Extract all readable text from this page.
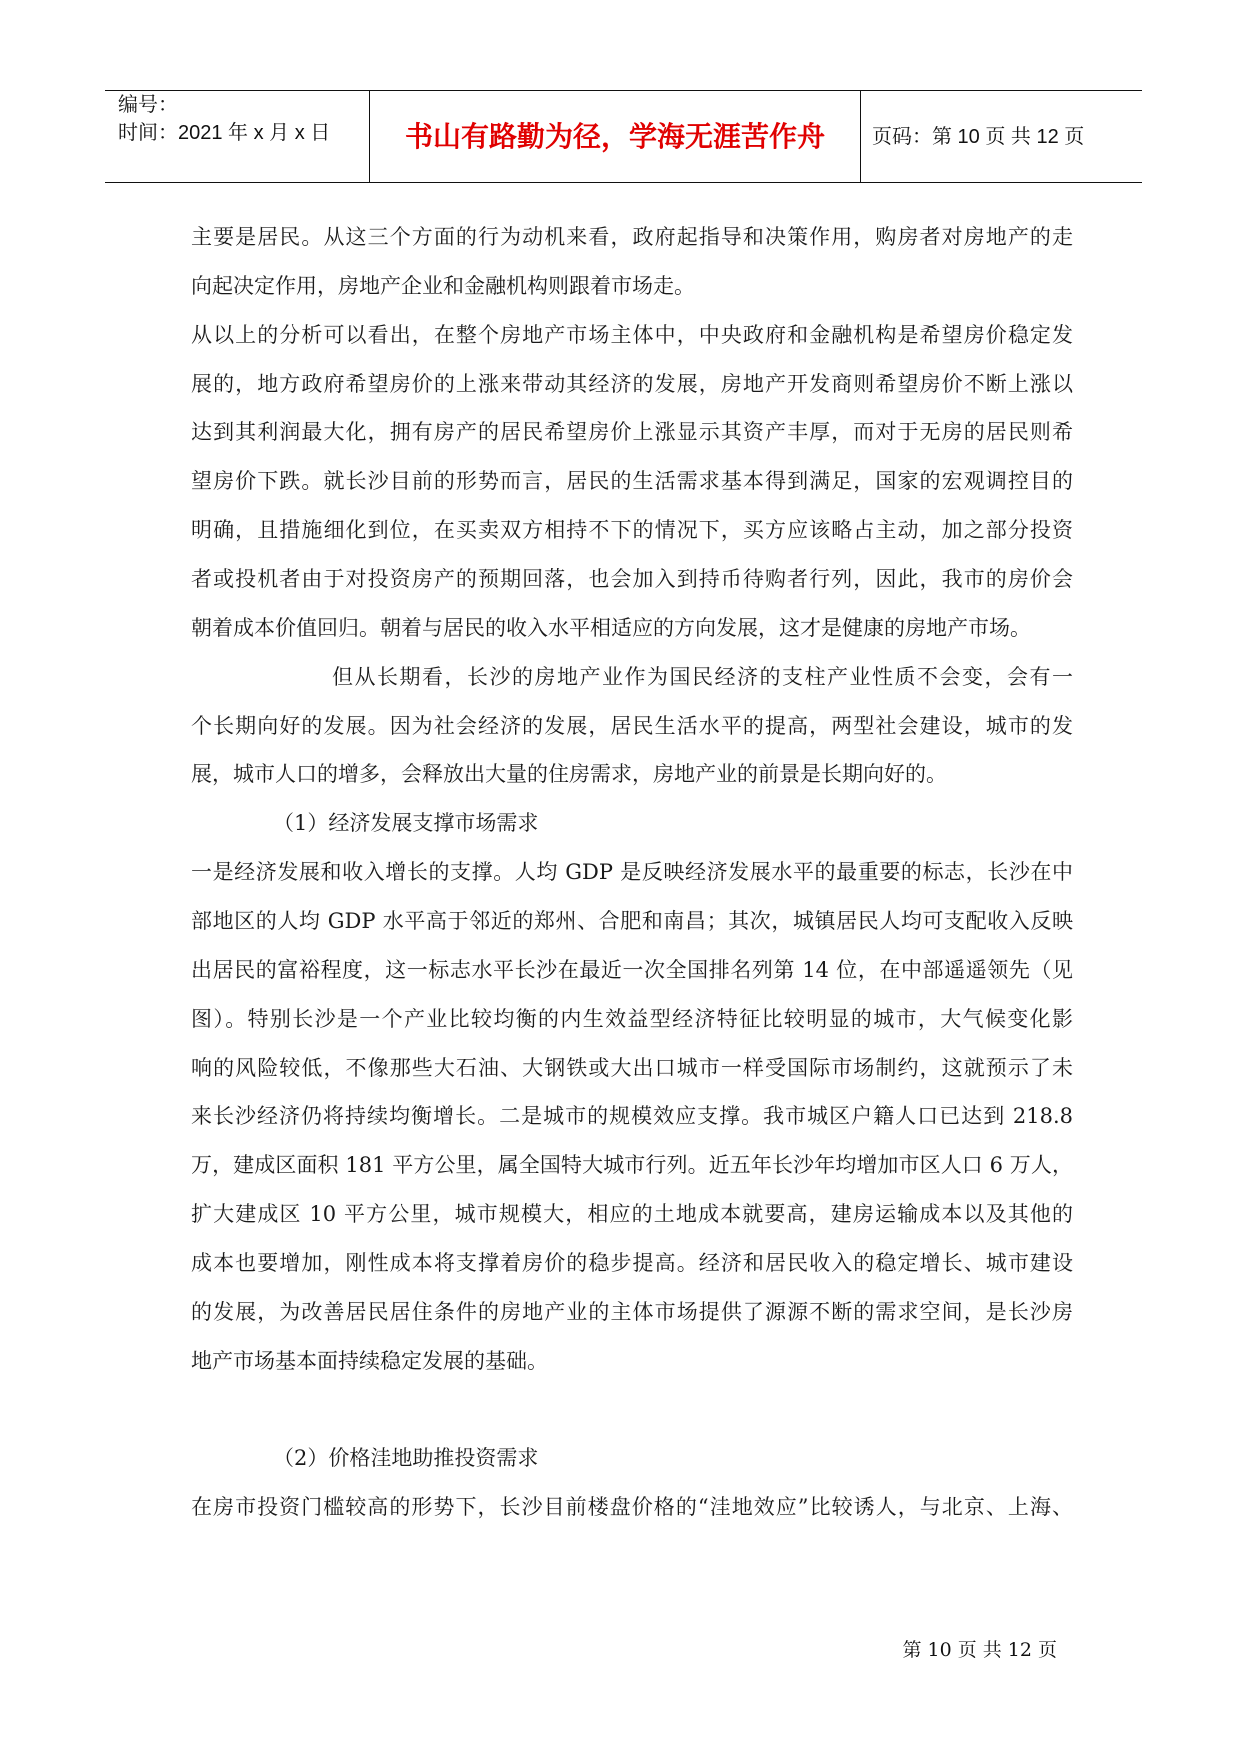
编号：
时间：2021 年 x 月 x 日	书山有路勤为径，学海无涯苦作舟	页码：第 10 页 共 12 页
主要是居民。从这三个方面的行为动机来看，政府起指导和决策作用，购房者对房地产的走
向起决定作用，房地产企业和金融机构则跟着市场走。
从以上的分析可以看出，在整个房地产市场主体中，中央政府和金融机构是希望房价稳定发
展的，地方政府希望房价的上涨来带动其经济的发展，房地产开发商则希望房价不断上涨以
达到其利润最大化，拥有房产的居民希望房价上涨显示其资产丰厚，而对于无房的居民则希
望房价下跌。就长沙目前的形势而言，居民的生活需求基本得到满足，国家的宏观调控目的
明确，且措施细化到位，在买卖双方相持不下的情况下，买方应该略占主动，加之部分投资
者或投机者由于对投资房产的预期回落，也会加入到持币待购者行列，因此，我市的房价会
朝着成本价值回归。朝着与居民的收入水平相适应的方向发展，这才是健康的房地产市场。
但从长期看，长沙的房地产业作为国民经济的支柱产业性质不会变，会有一
个长期向好的发展。因为社会经济的发展，居民生活水平的提高，两型社会建设，城市的发
展，城市人口的增多，会释放出大量的住房需求，房地产业的前景是长期向好的。
（1）经济发展支撑市场需求
一是经济发展和收入增长的支撑。人均 GDP 是反映经济发展水平的最重要的标志，长沙在中
部地区的人均 GDP 水平高于邻近的郑州、合肥和南昌；其次，城镇居民人均可支配收入反映
出居民的富裕程度，这一标志水平长沙在最近一次全国排名列第 14 位，在中部遥遥领先（见
图）。特别长沙是一个产业比较均衡的内生效益型经济特征比较明显的城市，大气候变化影
响的风险较低，不像那些大石油、大钢铁或大出口城市一样受国际市场制约，这就预示了未
来长沙经济仍将持续均衡增长。二是城市的规模效应支撑。我市城区户籍人口已达到 218.8
万，建成区面积 181 平方公里，属全国特大城市行列。近五年长沙年均增加市区人口 6 万人，
扩大建成区 10 平方公里，城市规模大，相应的土地成本就要高，建房运输成本以及其他的
成本也要增加，刚性成本将支撑着房价的稳步提高。经济和居民收入的稳定增长、城市建设
的发展，为改善居民居住条件的房地产业的主体市场提供了源源不断的需求空间，是长沙房
地产市场基本面持续稳定发展的基础。
（2）价格洼地助推投资需求
在房市投资门槛较高的形势下，长沙目前楼盘价格的“洼地效应”比较诱人，与北京、上海、
第 10 页 共 12 页
